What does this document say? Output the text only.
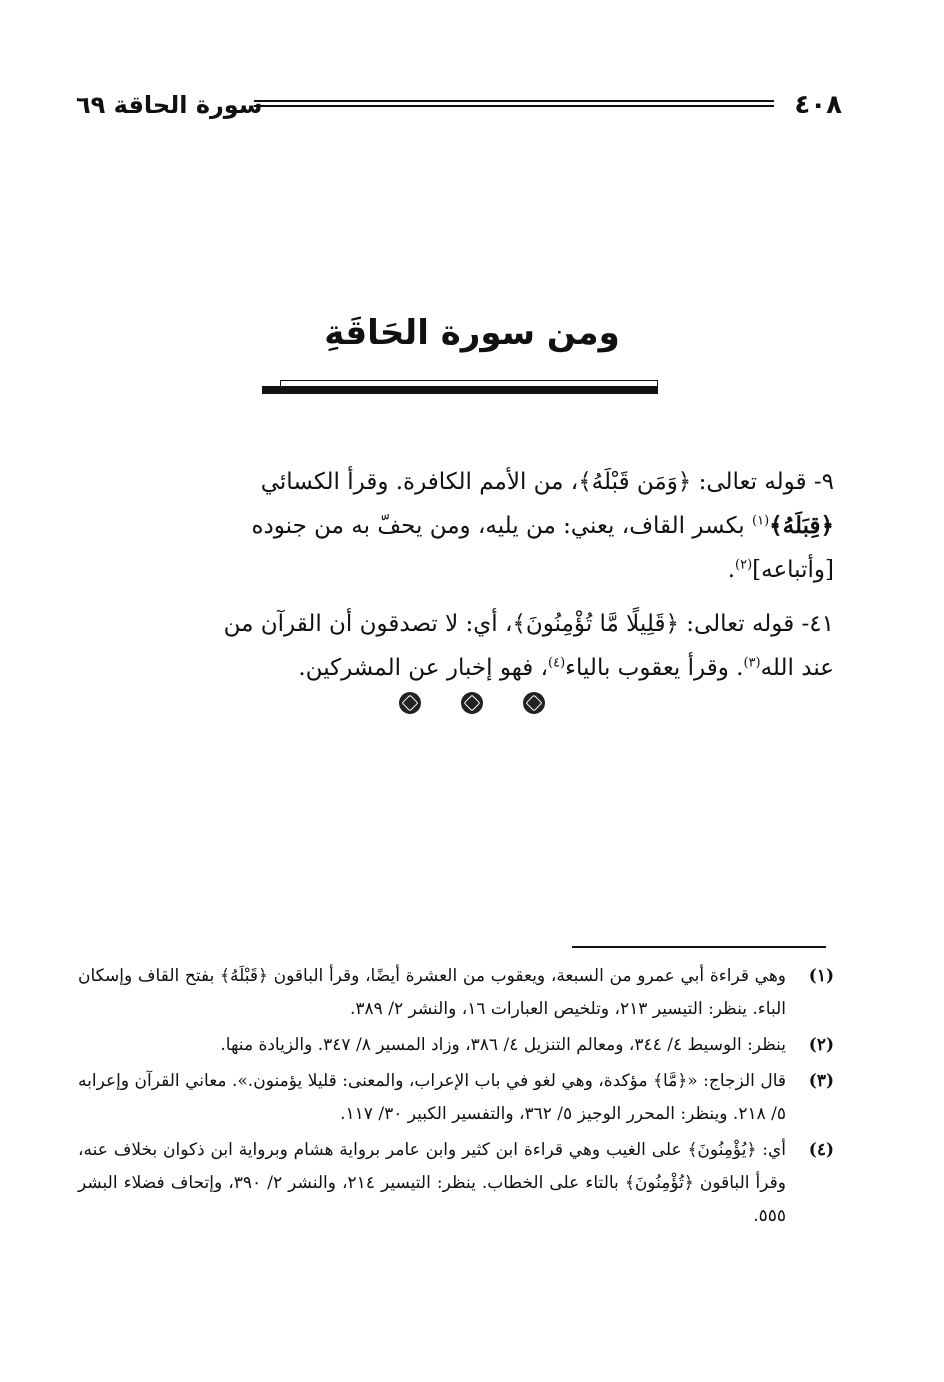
٤٠٨
سورة الحاقة ٦٩
ومن سورة الحَاقَةِ

٩- قوله تعالى: ﴿وَمَن قَبْلَهُ﴾، من الأمم الكافرة. وقرأ الكسائي
﴿قِبَلَهُ﴾$^{(١)}$ بكسر القاف، يعني: من يليه، ومن يحفّ به من جنوده
[وأتباعه]$^{(٢)}$.

٤١- قوله تعالى: ﴿قَلِيلًا مَّا تُؤْمِنُونَ﴾، أي: لا تصدقون أن القرآن من
عند الله$^{(٣)}$. وقرأ يعقوب بالياء$^{(٤)}$، فهو إخبار عن المشركين.

(١)
وهي قراءة أبي عمرو من السبعة، ويعقوب من العشرة أيضًا، وقرأ الباقون ﴿قَبْلَهُ﴾ بفتح القاف وإسكان الباء. ينظر: التيسير ٢١٣، وتلخيص العبارات ١٦، والنشر ٢/ ٣٨٩.
(٢)
ينظر: الوسيط ٤/ ٣٤٤، ومعالم التنزيل ٤/ ٣٨٦، وزاد المسير ٨/ ٣٤٧. والزيادة منها.
(٣)
قال الزجاج: «﴿مَّا﴾ مؤكدة، وهي لغو في باب الإعراب، والمعنى: قليلا يؤمنون.». معاني القرآن وإعرابه ٥/ ٢١٨. وينظر: المحرر الوجيز ٥/ ٣٦٢، والتفسير الكبير ٣٠/ ١١٧.
(٤)
أي: ﴿يُؤْمِنُونَ﴾ على الغيب وهي قراءة ابن كثير وابن عامر برواية هشام وبرواية ابن ذكوان بخلاف عنه، وقرأ الباقون ﴿تُؤْمِنُونَ﴾ بالتاء على الخطاب. ينظر: التيسير ٢١٤، والنشر ٢/ ٣٩٠، وإتحاف فضلاء البشر ٥٥٥.
